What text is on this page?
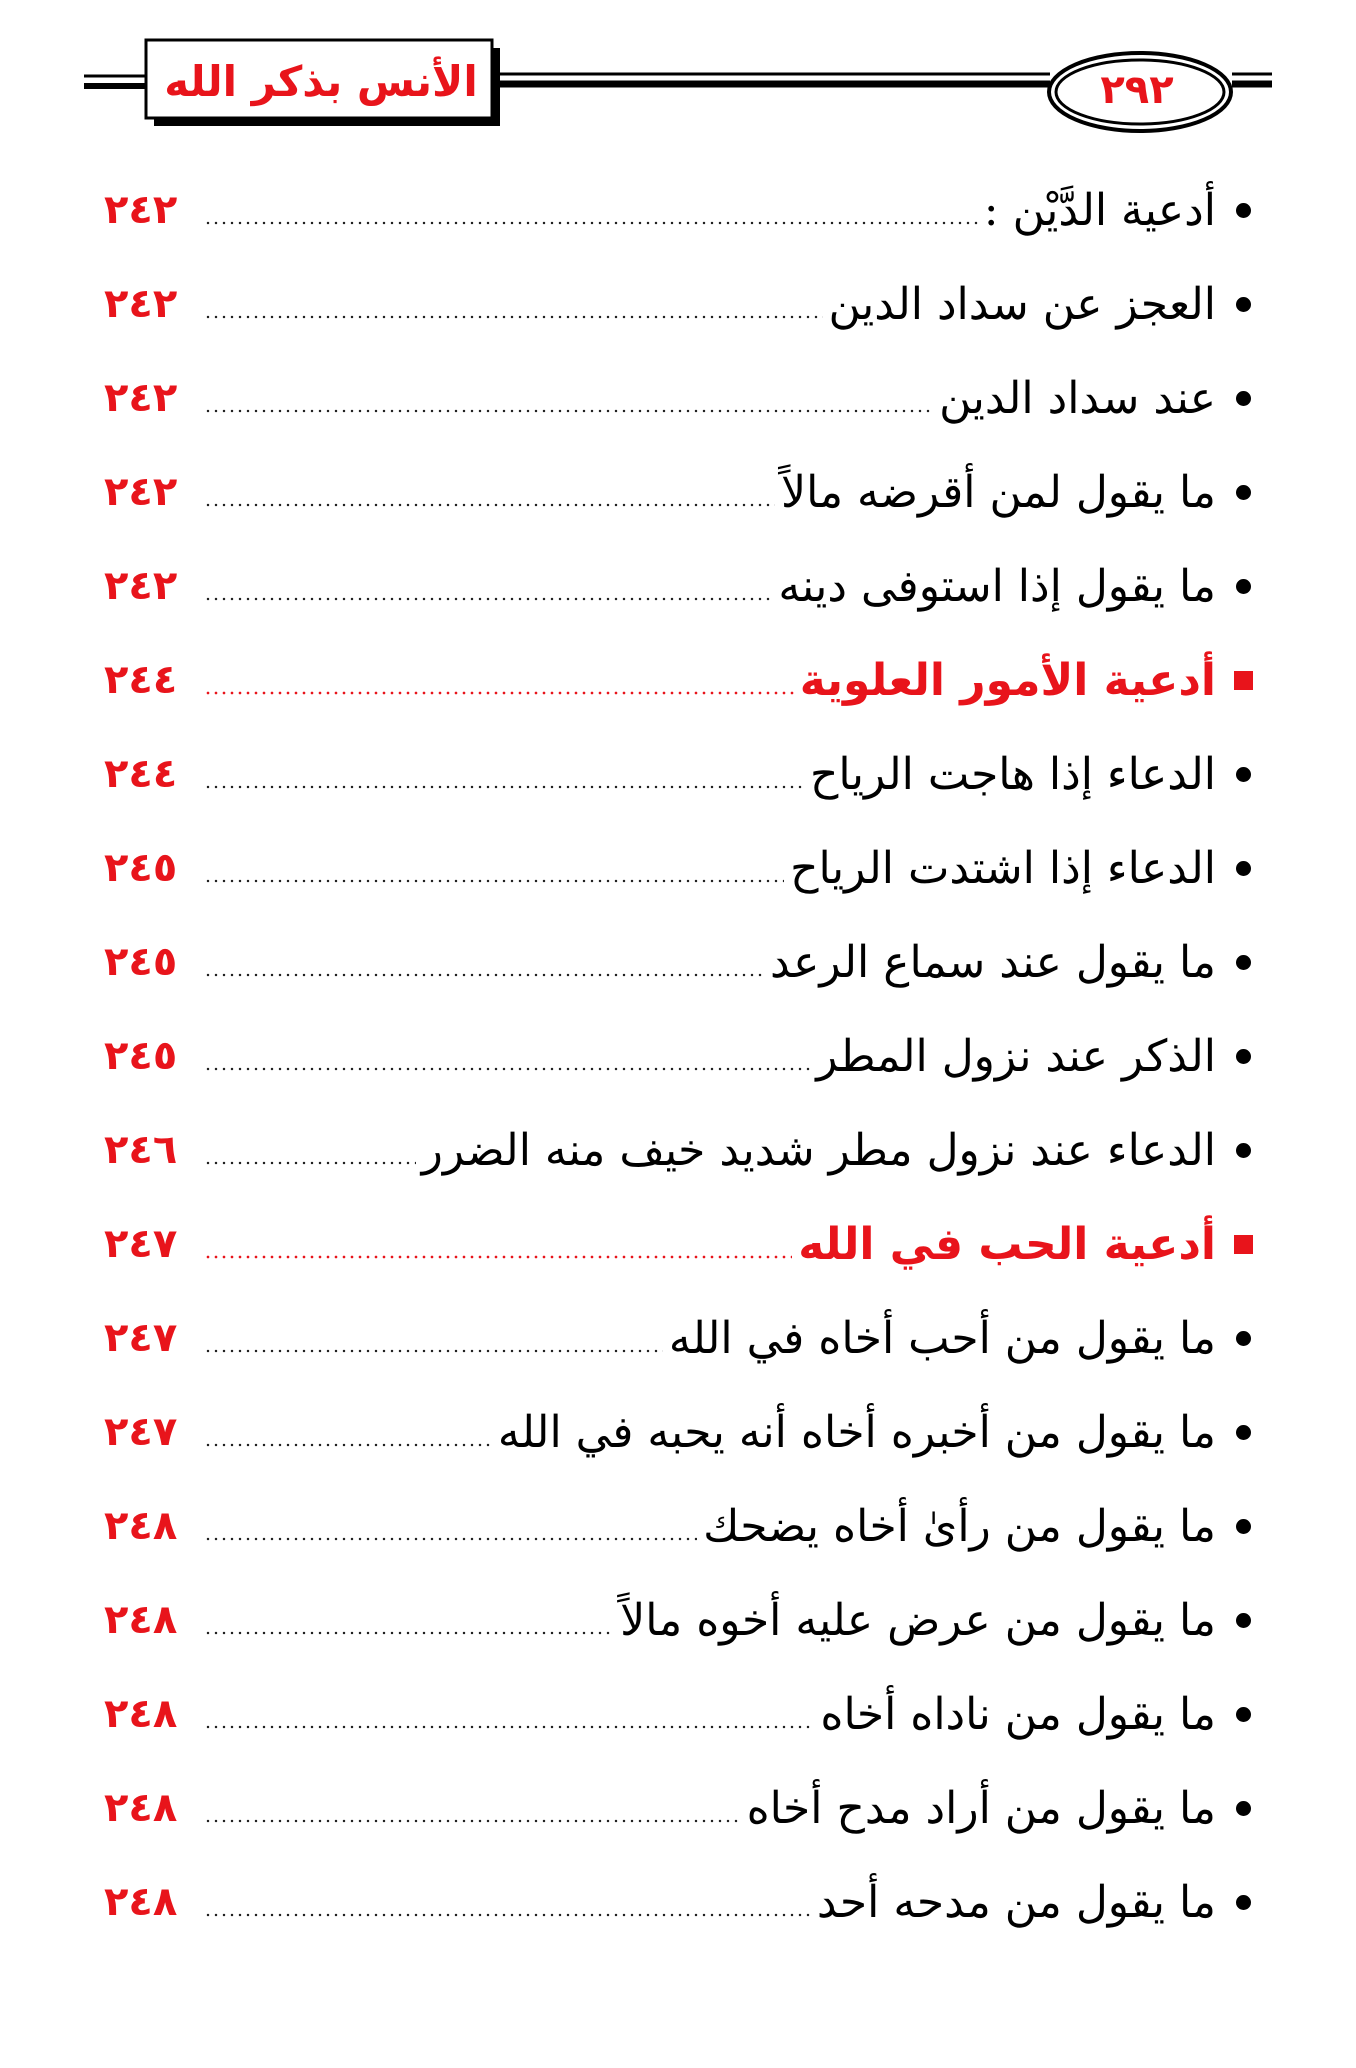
الأنس بذكر الله	٢٩٢
أدعية الدَّيْن :
٢٤٢
العجز عن سداد الدين
٢٤٢
عند سداد الدين
٢٤٢
ما يقول لمن أقرضه مالاً
٢٤٢
ما يقول إذا استوفى دينه
٢٤٢
أدعية الأمور العلوية
٢٤٤
الدعاء إذا هاجت الرياح
٢٤٤
الدعاء إذا اشتدت الرياح
٢٤٥
ما يقول عند سماع الرعد
٢٤٥
الذكر عند نزول المطر
٢٤٥
الدعاء عند نزول مطر شديد خيف منه الضرر
٢٤٦
أدعية الحب في الله
٢٤٧
ما يقول من أحب أخاه في الله
٢٤٧
ما يقول من أخبره أخاه أنه يحبه في الله
٢٤٧
ما يقول من رأىٰ أخاه يضحك
٢٤٨
ما يقول من عرض عليه أخوه مالاً
٢٤٨
ما يقول من ناداه أخاه
٢٤٨
ما يقول من أراد مدح أخاه
٢٤٨
ما يقول من مدحه أحد
٢٤٨
